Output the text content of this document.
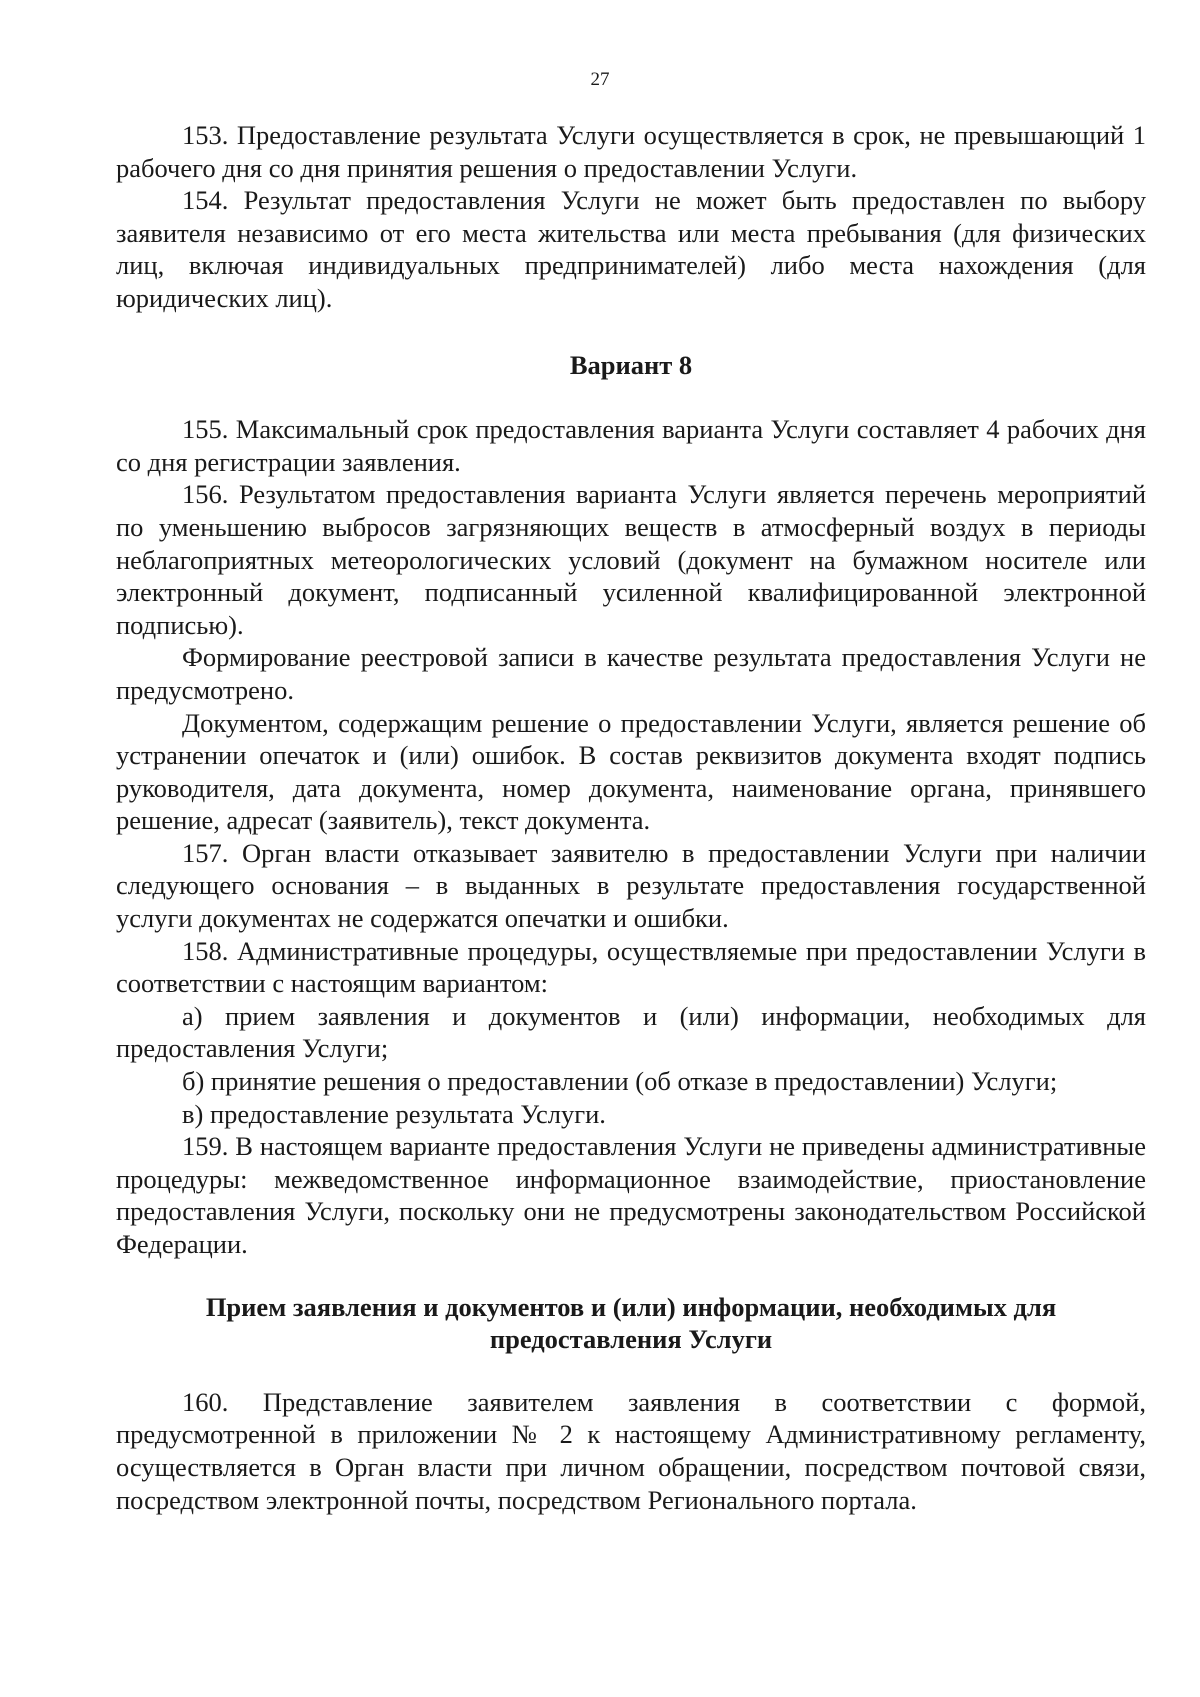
27

153. Предоставление результата Услуги осуществляется в срок, не превышающий 1 рабочего дня со дня принятия решения о предоставлении Услуги.

154. Результат предоставления Услуги не может быть предоставлен по выбору заявителя независимо от его места жительства или места пребывания (для физических лиц, включая индивидуальных предпринимателей) либо места нахождения (для юридических лиц).

Вариант 8

155. Максимальный срок предоставления варианта Услуги составляет 4 рабочих дня со дня регистрации заявления.

156. Результатом предоставления варианта Услуги является перечень мероприятий по уменьшению выбросов загрязняющих веществ в атмосферный воздух в периоды неблагоприятных метеорологических условий (документ на бумажном носителе или электронный документ, подписанный усиленной квалифицированной электронной подписью).

Формирование реестровой записи в качестве результата предоставления Услуги не предусмотрено.

Документом, содержащим решение о предоставлении Услуги, является решение об устранении опечаток и (или) ошибок. В состав реквизитов документа входят подпись руководителя, дата документа, номер документа, наименование органа, принявшего решение, адресат (заявитель), текст документа.

157. Орган власти отказывает заявителю в предоставлении Услуги при наличии следующего основания – в выданных в результате предоставления государственной услуги документах не содержатся опечатки и ошибки.

158. Административные процедуры, осуществляемые при предоставлении Услуги в соответствии с настоящим вариантом:

а) прием заявления и документов и (или) информации, необходимых для предоставления Услуги;

б) принятие решения о предоставлении (об отказе в предоставлении) Услуги;

в) предоставление результата Услуги.

159. В настоящем варианте предоставления Услуги не приведены административные процедуры: межведомственное информационное взаимодействие, приостановление предоставления Услуги, поскольку они не предусмотрены законодательством Российской Федерации.

Прием заявления и документов и (или) информации, необходимых для предоставления Услуги

160. Представление заявителем заявления в соответствии с формой, предусмотренной в приложении № 2 к настоящему Административному регламенту, осуществляется в Орган власти при личном обращении, посредством почтовой связи, посредством электронной почты, посредством Регионального портала.
